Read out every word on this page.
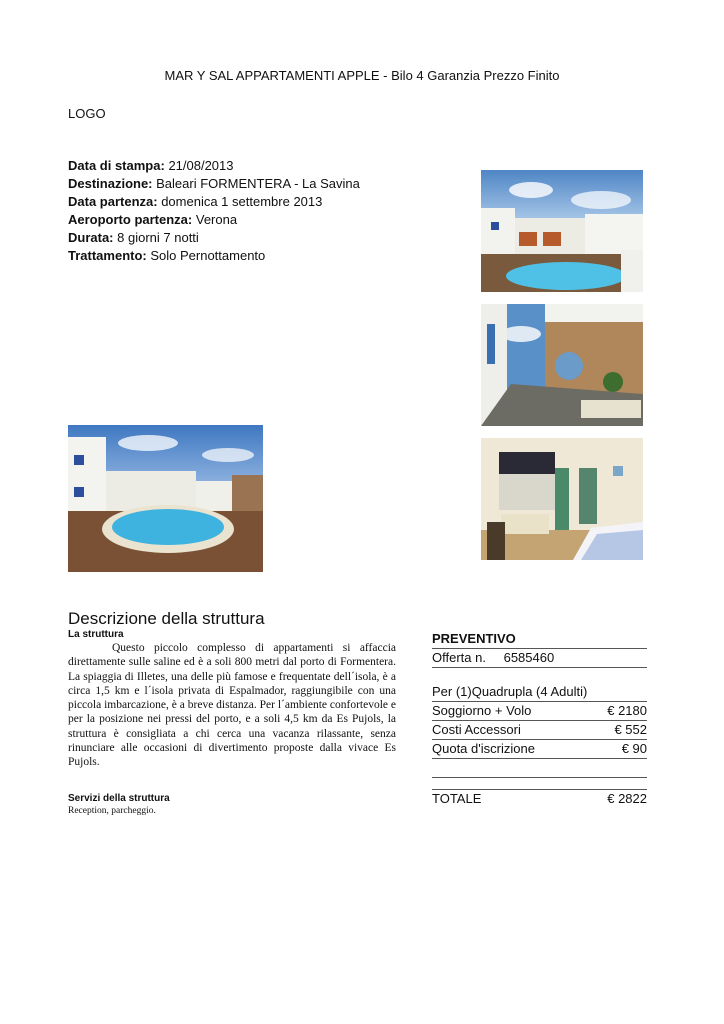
MAR Y SAL APPARTAMENTI APPLE - Bilo 4 Garanzia Prezzo Finito
LOGO
Data di stampa: 21/08/2013
Destinazione: Baleari FORMENTERA - La Savina
Data partenza: domenica 1 settembre 2013
Aeroporto partenza: Verona
Durata: 8 giorni 7 notti
Trattamento: Solo Pernottamento
Descrizione della struttura
La struttura
Questo piccolo complesso di appartamenti si affaccia direttamente sulle saline ed è a soli 800 metri dal porto di Formentera. La spiaggia di Illetes, una delle più famose e frequentate dell´isola, è a circa 1,5 km e l´isola privata di Espalmador, raggiungibile con una piccola imbarcazione, è a breve distanza. Per l´ambiente confortevole e per la posizione nei pressi del porto, e a soli 4,5 km da Es Pujols, la struttura è consigliata a chi cerca una vacanza rilassante, senza rinunciare alle occasioni di divertimento proposte dalla vivace Es Pujols.
Servizi della struttura
Reception, parcheggio.
PREVENTIVO
Offerta n. 6585460
Per (1)Quadrupla (4 Adulti)
Soggiorno + Volo	€ 2180
Costi Accessori	€ 552
Quota d'iscrizione	€ 90
TOTALE	€ 2822
